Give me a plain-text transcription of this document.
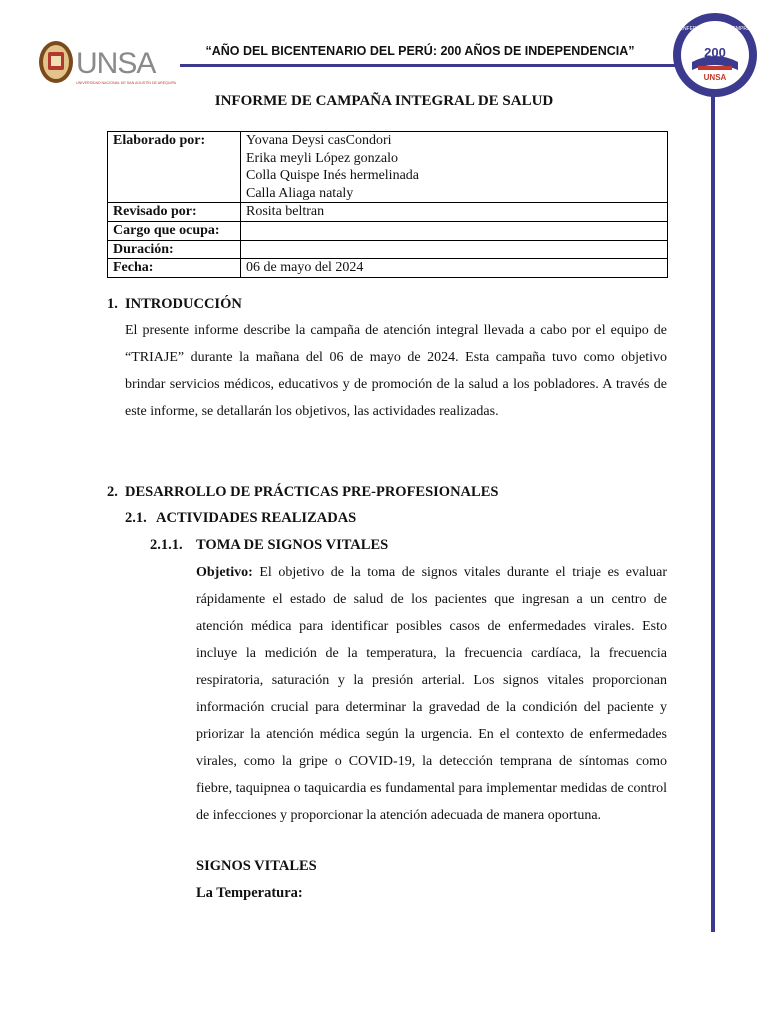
UNSA
UNIVERSIDAD NACIONAL DE SAN AGUSTÍN DE AREQUIPA
“AÑO DEL BICENTENARIO DEL PERÚ: 200 AÑOS DE INDEPENDENCIA”
ENFERMERÍA PARA SIEMPRE
200
UNSA
INFORME DE CAMPAÑA INTEGRAL DE SALUD
Elaborado por:	Yovana Deysi casCondori
Erika meyli López gonzalo
Colla Quispe Inés hermelinada
Calla Aliaga nataly

Revisado por:	Rosita beltran
Cargo que ocupa:	
Duración:	
Fecha:	06 de mayo del 2024
1. INTRODUCCIÓN
El presente informe describe la campaña de atención integral llevada a cabo por el equipo de “TRIAJE” durante la mañana del 06 de mayo de 2024. Esta campaña tuvo como objetivo brindar servicios médicos, educativos y de promoción de la salud a los pobladores. A través de este informe, se detallarán los objetivos, las actividades realizadas.
2. DESARROLLO DE PRÁCTICAS PRE-PROFESIONALES
2.1. ACTIVIDADES REALIZADAS
2.1.1. TOMA DE SIGNOS VITALES
Objetivo: El objetivo de la toma de signos vitales durante el triaje es evaluar rápidamente el estado de salud de los pacientes que ingresan a un centro de atención médica para identificar posibles casos de enfermedades virales. Esto incluye la medición de la temperatura, la frecuencia cardíaca, la frecuencia respiratoria, saturación y la presión arterial. Los signos vitales proporcionan información crucial para determinar la gravedad de la condición del paciente y priorizar la atención médica según la urgencia. En el contexto de enfermedades virales, como la gripe o COVID-19, la detección temprana de síntomas como fiebre, taquipnea o taquicardia es fundamental para implementar medidas de control de infecciones y proporcionar la atención adecuada de manera oportuna.
SIGNOS VITALES
La Temperatura:
